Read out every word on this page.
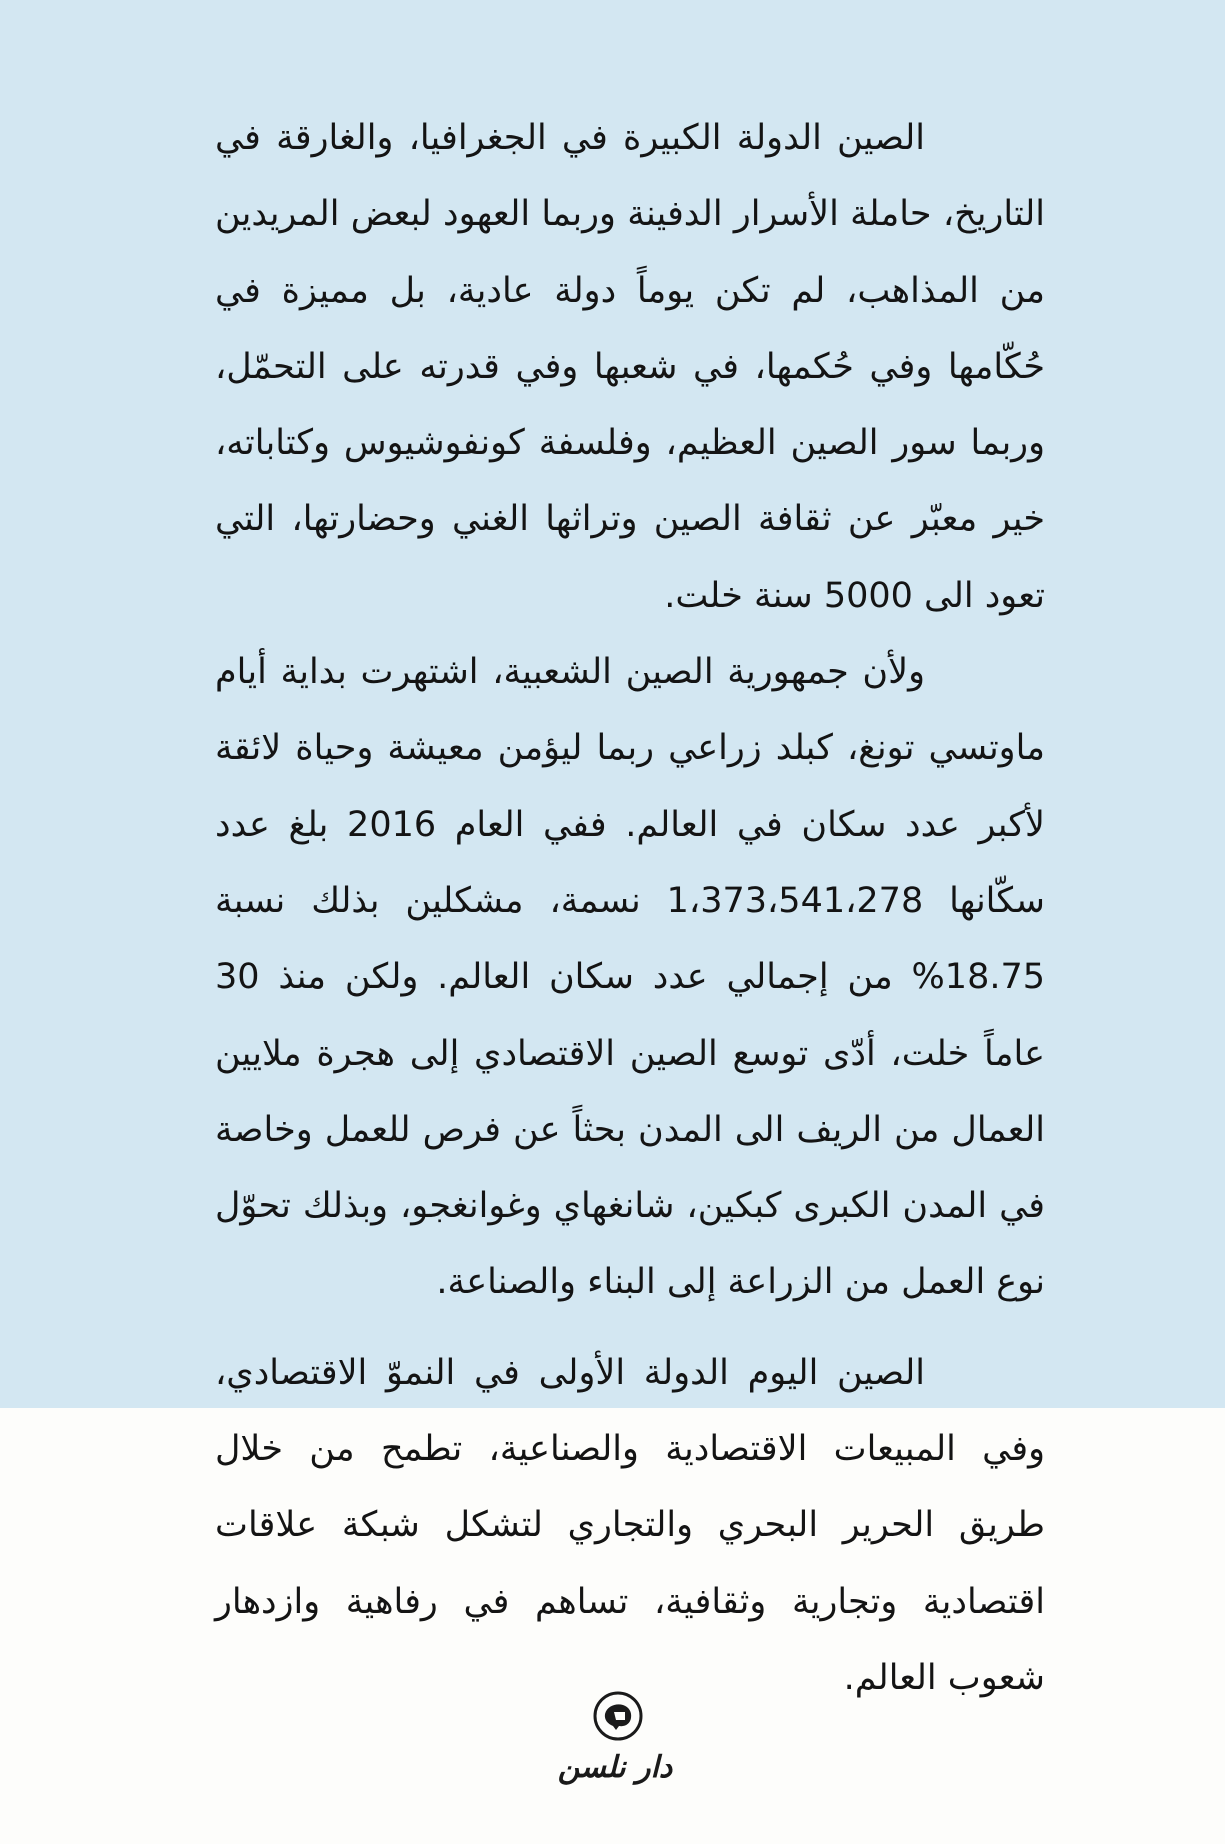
الصين الدولة الكبيرة في الجغرافيا، والغارقة في التاريخ، حاملة الأسرار الدفينة وربما العهود لبعض المريدين من المذاهب، لم تكن يوماً دولة عادية، بل مميزة في حُكّامها وفي حُكمها، في شعبها وفي قدرته على التحمّل، وربما سور الصين العظيم، وفلسفة كونفوشيوس وكتاباته، خير معبّر عن ثقافة الصين وتراثها الغني وحضارتها، التي تعود الى 5000 سنة خلت.

ولأن جمهورية الصين الشعبية، اشتهرت بداية أيام ماوتسي تونغ، كبلد زراعي ربما ليؤمن معيشة وحياة لائقة لأكبر عدد سكان في العالم. ففي العام 2016 بلغ عدد سكّانها 1،373،541،278 نسمة، مشكلين بذلك نسبة 18.75% من إجمالي عدد سكان العالم. ولكن منذ 30 عاماً خلت، أدّى توسع الصين الاقتصادي إلى هجرة ملايين العمال من الريف الى المدن بحثاً عن فرص للعمل وخاصة في المدن الكبرى كبكين، شانغهاي وغوانغجو، وبذلك تحوّل نوع العمل من الزراعة إلى البناء والصناعة.

الصين اليوم الدولة الأولى في النموّ الاقتصادي، وفي المبيعات الاقتصادية والصناعية، تطمح من خلال طريق الحرير البحري والتجاري لتشكل شبكة علاقات اقتصادية وتجارية وثقافية، تساهم في رفاهية وازدهار شعوب العالم.

دار نلسن
